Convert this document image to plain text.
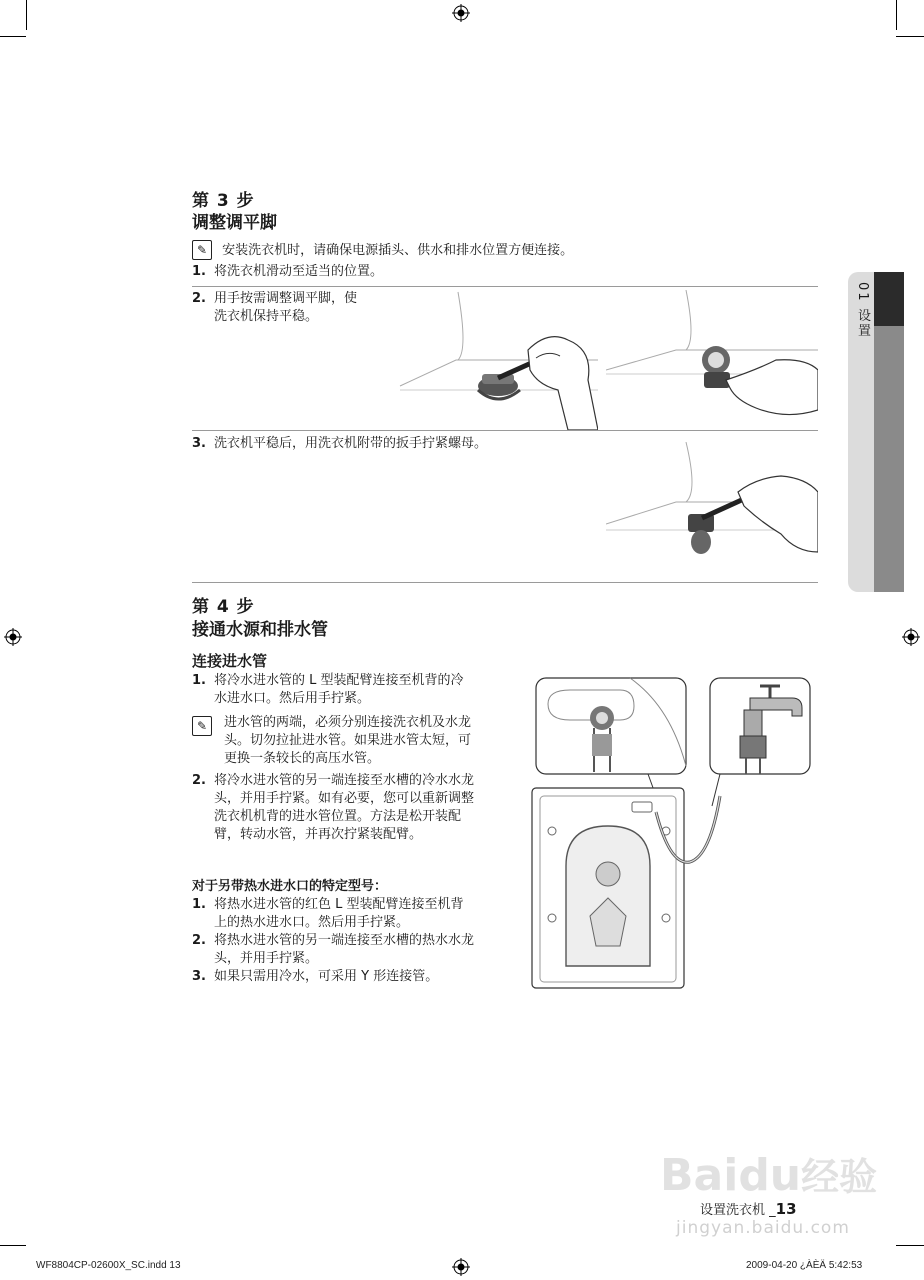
01 设置
第 3 步
调整调平脚
✎ 安装洗衣机时，请确保电源插头、供水和排水位置方便连接。
1. 将洗衣机滑动至适当的位置。
2. 用手按需调整调平脚，使
洗衣机保持平稳。
3. 洗衣机平稳后，用洗衣机附带的扳手拧紧螺母。
第 4 步
接通水源和排水管
连接进水管
1. 将冷水进水管的 L 型装配臂连接至机背的冷
水进水口。然后用手拧紧。
✎	进水管的两端，必须分别连接洗衣机及水龙
头。切勿拉扯进水管。如果进水管太短，可
更换一条较长的高压水管。
2. 将冷水进水管的另一端连接至水槽的冷水水龙
头，并用手拧紧。如有必要，您可以重新调整
洗衣机机背的进水管位置。方法是松开装配
臂，转动水管，并再次拧紧装配臂。
对于另带热水进水口的特定型号：
1. 将热水进水管的红色 L 型装配臂连接至机背
上的热水进水口。然后用手拧紧。
2. 将热水进水管的另一端连接至水槽的热水水龙
头，并用手拧紧。
3. 如果只需用冷水，可采用 Y 形连接管。
设置洗衣机 _13
Baidu经验
jingyan.baidu.com
WF8804CP-02600X_SC.indd 13	2009-04-20 ¿ÀÈÄ 5:42:53
